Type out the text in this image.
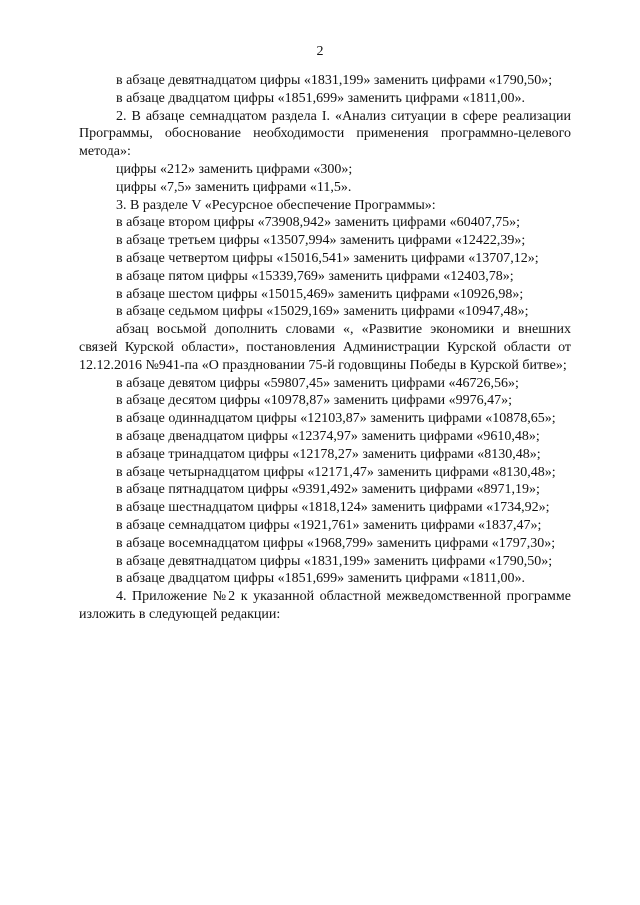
2

в абзаце девятнадцатом цифры «1831,199» заменить цифрами «1790,50»;

в абзаце двадцатом цифры «1851,699» заменить цифрами «1811,00».

2. В абзаце семнадцатом раздела I. «Анализ ситуации в сфере реализации Программы, обоснование необходимости применения программно-целевого метода»:

цифры «212» заменить цифрами «300»;

цифры «7,5» заменить цифрами «11,5».

3. В разделе V «Ресурсное обеспечение Программы»:

в абзаце втором цифры «73908,942» заменить цифрами «60407,75»;

в абзаце третьем цифры «13507,994» заменить цифрами «12422,39»;

в абзаце четвертом цифры «15016,541» заменить цифрами «13707,12»;

в абзаце пятом цифры «15339,769» заменить цифрами «12403,78»;

в абзаце шестом цифры «15015,469» заменить цифрами «10926,98»;

в абзаце седьмом цифры «15029,169» заменить цифрами «10947,48»;

абзац восьмой дополнить словами «, «Развитие экономики и внешних связей Курской области», постановления Администрации Курской области от 12.12.2016 №941-па «О праздновании 75-й годовщины Победы в Курской битве»;

в абзаце девятом цифры «59807,45» заменить цифрами «46726,56»;

в абзаце десятом цифры «10978,87» заменить цифрами «9976,47»;

в абзаце одиннадцатом цифры «12103,87» заменить цифрами «10878,65»;

в абзаце двенадцатом цифры «12374,97» заменить цифрами «9610,48»;

в абзаце тринадцатом цифры «12178,27» заменить цифрами «8130,48»;

в абзаце четырнадцатом цифры «12171,47» заменить цифрами «8130,48»;

в абзаце пятнадцатом цифры «9391,492» заменить цифрами «8971,19»;

в абзаце шестнадцатом цифры «1818,124» заменить цифрами «1734,92»;

в абзаце семнадцатом цифры «1921,761» заменить цифрами «1837,47»;

в абзаце восемнадцатом цифры «1968,799» заменить цифрами «1797,30»;

в абзаце девятнадцатом цифры «1831,199» заменить цифрами «1790,50»;

в абзаце двадцатом цифры «1851,699» заменить цифрами «1811,00».

4. Приложение №2 к указанной областной межведомственной программе изложить в следующей редакции:
